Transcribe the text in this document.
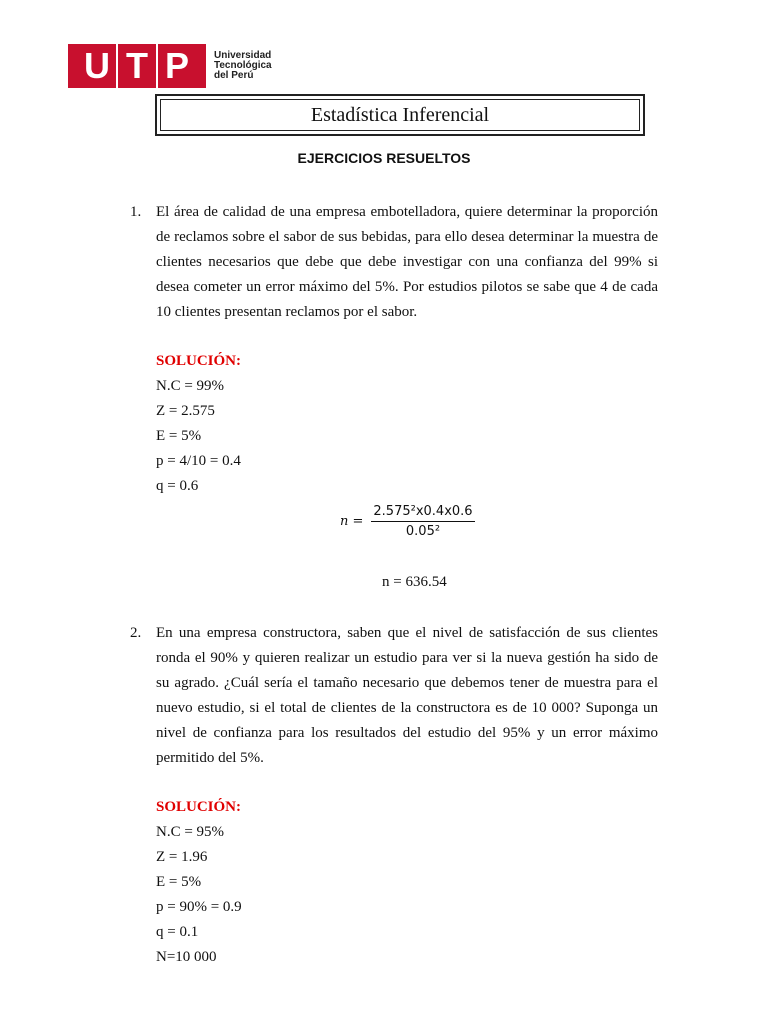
U T P	Universidad
Tecnológica
del Perú
Estadística Inferencial
EJERCICIOS RESUELTOS
1. El área de calidad de una empresa embotelladora, quiere determinar la proporción de reclamos sobre el sabor de sus bebidas, para ello desea determinar la muestra de clientes necesarios que debe que debe investigar con una confianza del 99% si desea cometer un error máximo del 5%. Por estudios pilotos se sabe que 4 de cada 10 clientes presentan reclamos por el sabor.
SOLUCIÓN:
N.C = 99%
Z = 2.575
E = 5%
p = 4/10 = 0.4
q = 0.6
$n = \frac{\text{2.575²x0.4x0.6}}{\text{0.05²}}$
n = 636.54
2. En una empresa constructora, saben que el nivel de satisfacción de sus clientes ronda el 90% y quieren realizar un estudio para ver si la nueva gestión ha sido de su agrado. ¿Cuál sería el tamaño necesario que debemos tener de muestra para el nuevo estudio, si el total de clientes de la constructora es de 10 000? Suponga un nivel de confianza para los resultados del estudio del 95% y un error máximo permitido del 5%.
SOLUCIÓN:
N.C = 95%
Z = 1.96
E = 5%
p = 90% = 0.9
q = 0.1
N=10 000
